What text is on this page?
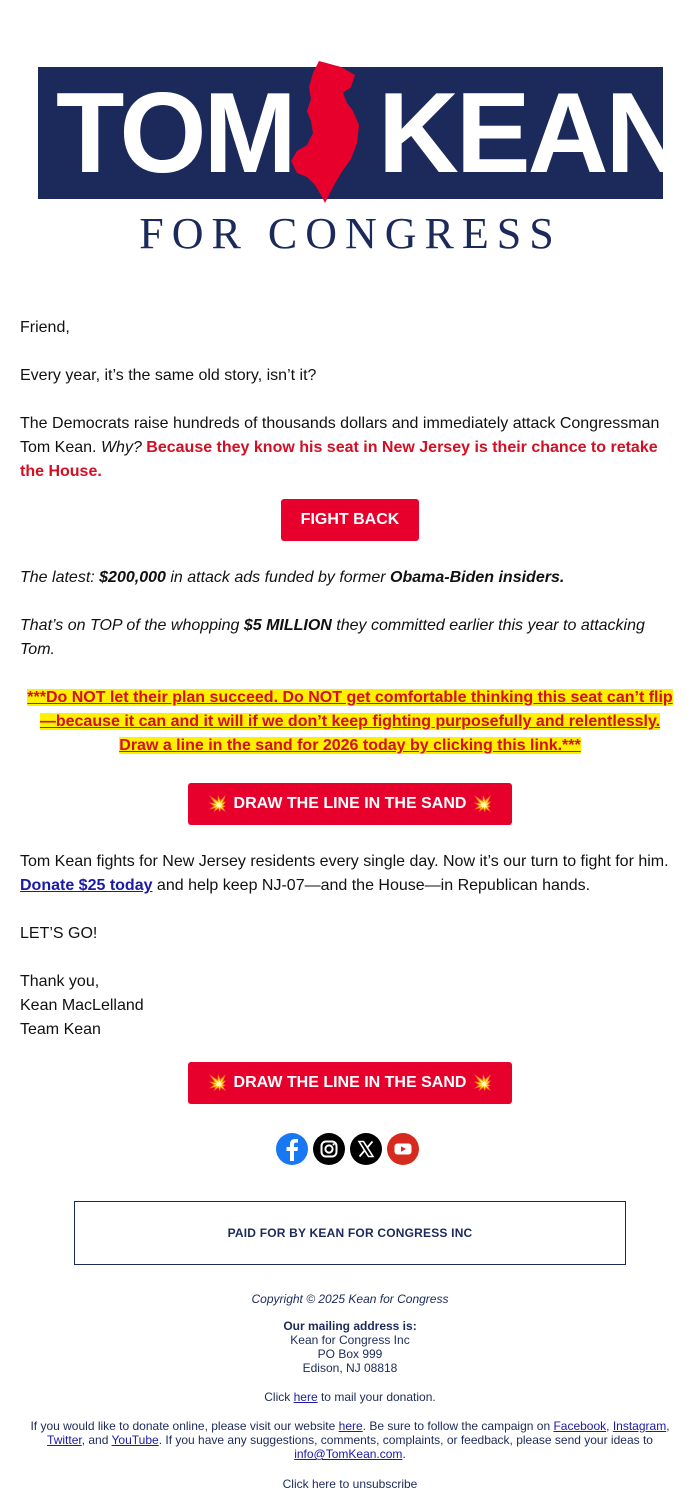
TOM KEAN
FOR CONGRESS

Friend,

Every year, it’s the same old story, isn’t it?

The Democrats raise hundreds of thousands dollars and immediately attack Congressman Tom Kean. Why? Because they know his seat in New Jersey is their chance to retake the House.

FIGHT BACK

The latest: $200,000 in attack ads funded by former Obama-Biden insiders.

That’s on TOP of the whopping $5 MILLION they committed earlier this year to attacking Tom.

***Do NOT let their plan succeed. Do NOT get comfortable thinking this seat can’t flip
—because it can and it will if we don’t keep fighting purposefully and relentlessly.
Draw a line in the sand for 2026 today by clicking this link.***
💥 DRAW THE LINE IN THE SAND 💥

Tom Kean fights for New Jersey residents every single day. Now it’s our turn to fight for him. Donate $25 today and help keep NJ-07—and the House—in Republican hands.

LET’S GO!

Thank you,
Kean MacLelland
Team Kean

💥 DRAW THE LINE IN THE SAND 💥
PAID FOR BY KEAN FOR CONGRESS INC
Copyright © 2025 Kean for Congress
Our mailing address is:
Kean for Congress Inc
PO Box 999
Edison, NJ 08818
Click here to mail your donation.
If you would like to donate online, please visit our website here. Be sure to follow the campaign on Facebook, Instagram, Twitter, and YouTube. If you have any suggestions, comments, complaints, or feedback, please send your ideas to info@TomKean.com.
Click here to unsubscribe
